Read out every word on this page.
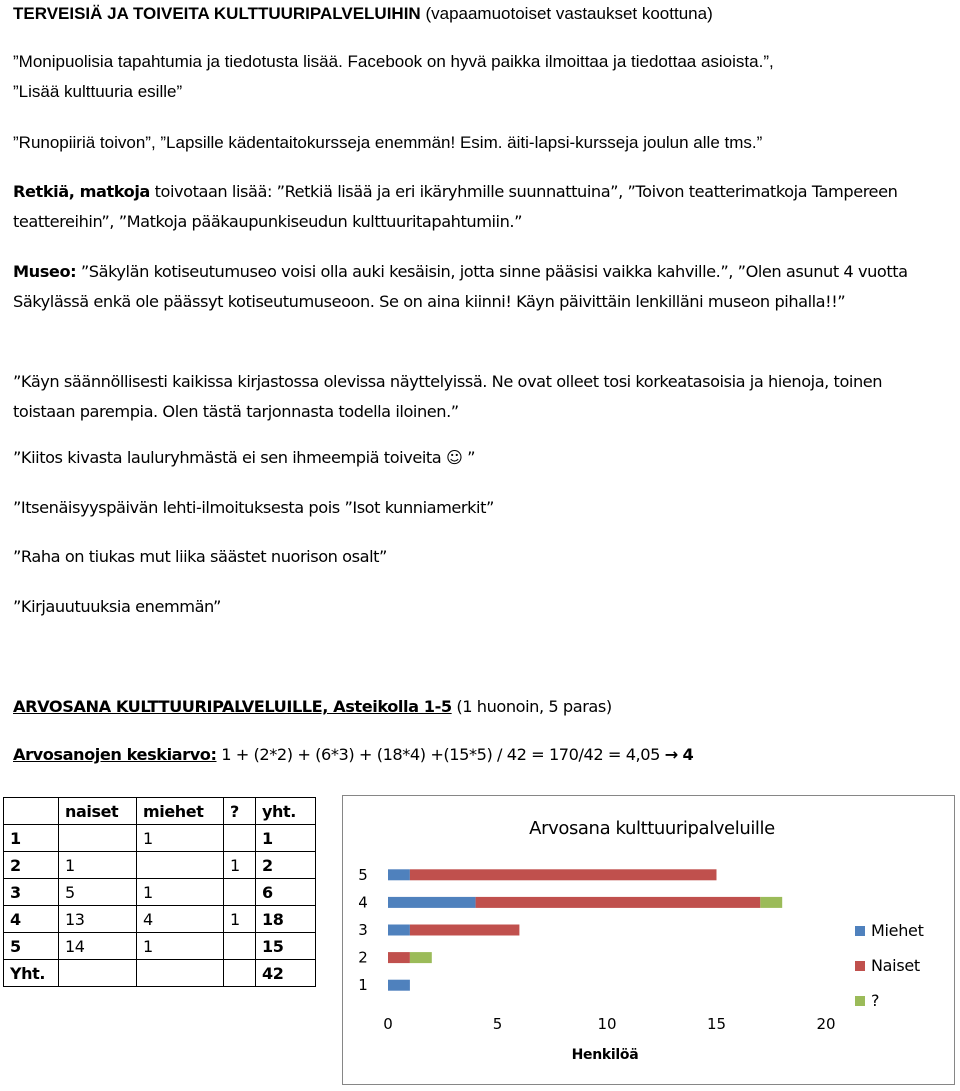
TERVEISIÄ JA TOIVEITA KULTTUURIPALVELUIHIN (vapaamuotoiset vastaukset koottuna)
”Monipuolisia tapahtumia ja tiedotusta lisää. Facebook on hyvä paikka ilmoittaa ja tiedottaa asioista.”,
”Lisää kulttuuria esille”
”Runopiiriä toivon”, ”Lapsille kädentaitokursseja enemmän! Esim. äiti-lapsi-kursseja joulun alle tms.”
Retkiä, matkoja toivotaan lisää: ”Retkiä lisää ja eri ikäryhmille suunnattuina”, ”Toivon teatterimatkoja Tampereen teattereihin”, ”Matkoja pääkaupunkiseudun kulttuuritapahtumiin.”
Museo: ”Säkylän kotiseutumuseo voisi olla auki kesäisin, jotta sinne pääsisi vaikka kahville.”, ”Olen asunut 4 vuotta Säkylässä enkä ole päässyt kotiseutumuseoon. Se on aina kiinni! Käyn päivittäin lenkilläni museon pihalla!!”
”Käyn säännöllisesti kaikissa kirjastossa olevissa näyttelyissä. Ne ovat olleet tosi korkeatasoisia ja hienoja, toinen toistaan parempia. Olen tästä tarjonnasta todella iloinen.”
”Kiitos kivasta lauluryhmästä ei sen ihmeempiä toiveita ☺ ”
”Itsenäisyyspäivän lehti-ilmoituksesta pois ”Isot kunniamerkit”
”Raha on tiukas mut liika säästet nuorison osalt”
”Kirjauutuuksia enemmän”
ARVOSANA KULTTUURIPALVELUILLE, Asteikolla 1-5 (1 huonoin, 5 paras)
Arvosanojen keskiarvo: 1 + (2*2) + (6*3) + (18*4) +(15*5) / 42 = 170/42 = 4,05 → 4
	naiset	miehet	?	yht.
1		1		1
2	1		1	2
3	5	1		6
4	13	4	1	18
5	14	1		15
Yht.				42
Arvosana kulttuuripalveluille
Henkilöä
0	5	10	15	20
1
2
3
4
5
Miehet
Naiset
?
